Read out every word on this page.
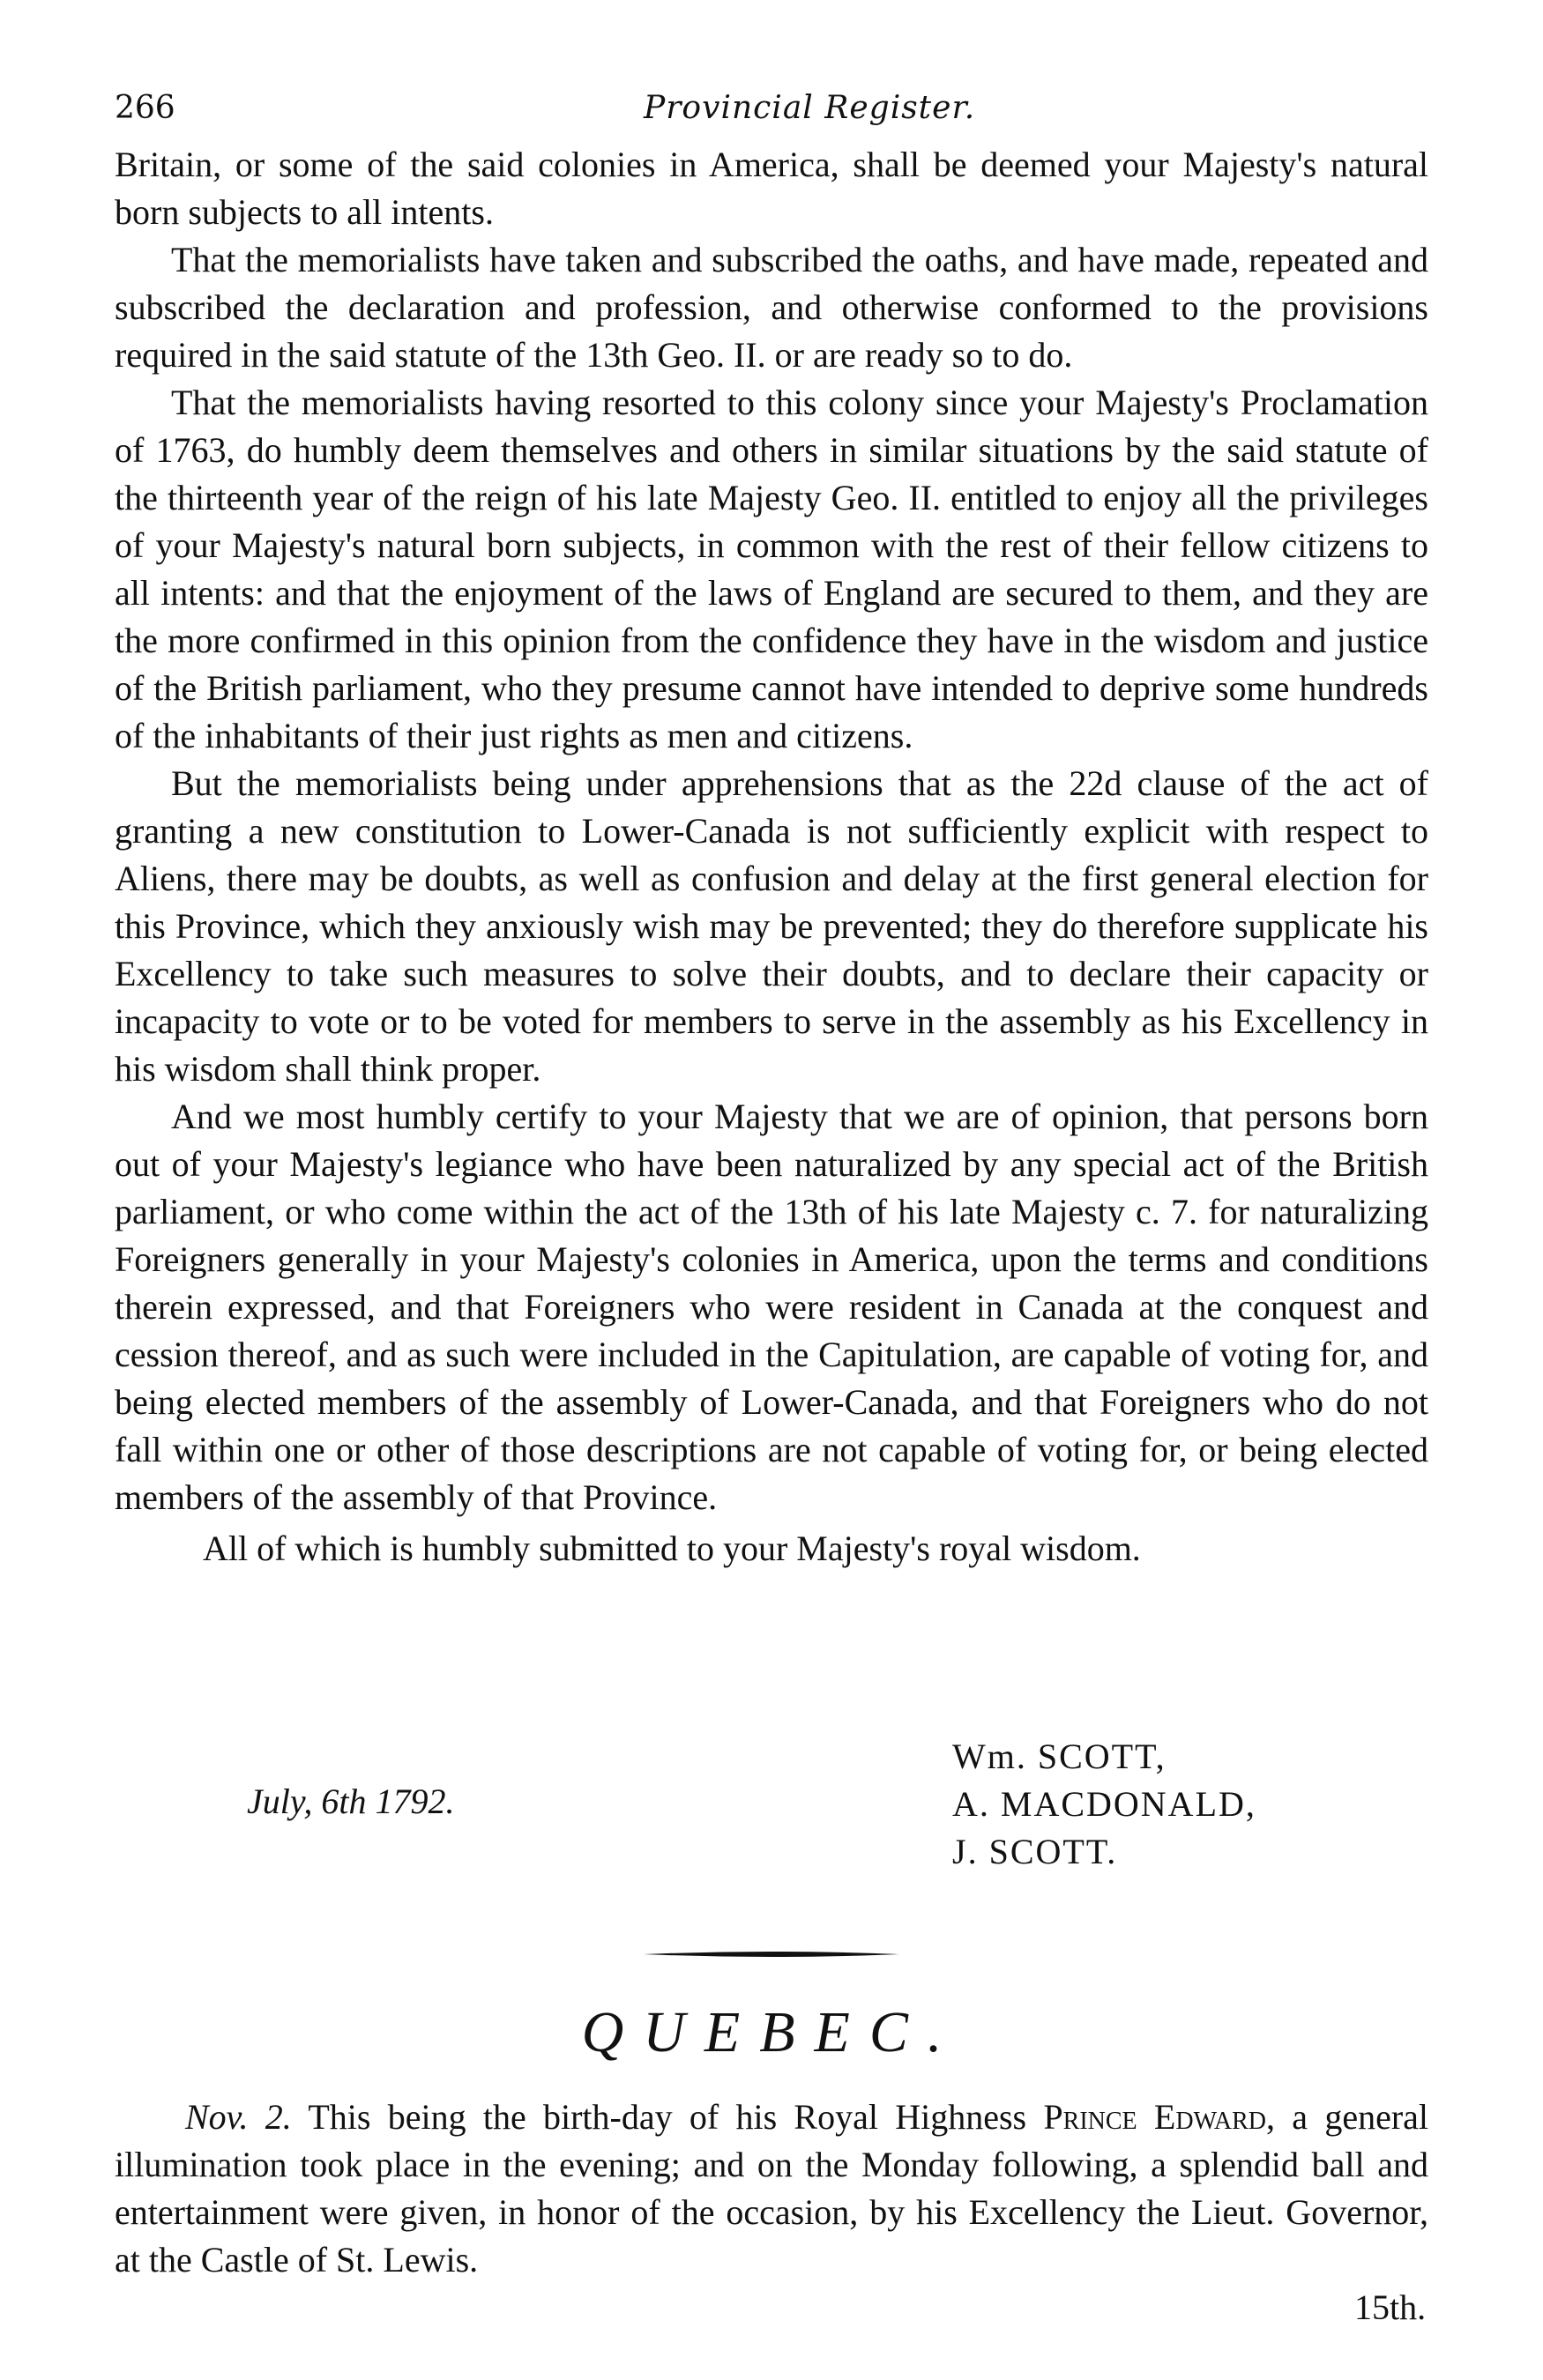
266	Provincial Register.

Britain, or some of the said colonies in America, shall be deemed your Majesty's natural born subjects to all intents.

That the memorialists have taken and subscribed the oaths, and have made, repeated and subscribed the declaration and profession, and otherwise conformed to the provisions required in the said statute of the 13th Geo. II. or are ready so to do.

That the memorialists having resorted to this colony since your Majesty's Proclamation of 1763, do humbly deem themselves and others in similar situations by the said statute of the thirteenth year of the reign of his late Majesty Geo. II. entitled to enjoy all the privileges of your Majesty's natural born subjects, in common with the rest of their fellow citizens to all intents: and that the enjoyment of the laws of England are secured to them, and they are the more confirmed in this opinion from the confidence they have in the wisdom and justice of the British parliament, who they presume cannot have intended to deprive some hundreds of the inhabitants of their just rights as men and citizens.

But the memorialists being under apprehensions that as the 22d clause of the act of granting a new constitution to Lower-Canada is not sufficiently explicit with respect to Aliens, there may be doubts, as well as confusion and delay at the first general election for this Province, which they anxiously wish may be prevented; they do therefore supplicate his Excellency to take such measures to solve their doubts, and to declare their capacity or incapacity to vote or to be voted for members to serve in the assembly as his Excellency in his wisdom shall think proper.

And we most humbly certify to your Majesty that we are of opinion, that persons born out of your Majesty's legiance who have been naturalized by any special act of the British parliament, or who come within the act of the 13th of his late Majesty c. 7. for naturalizing Foreigners generally in your Majesty's colonies in America, upon the terms and conditions therein expressed, and that Foreigners who were resident in Canada at the conquest and cession thereof, and as such were included in the Capitulation, are capable of voting for, and being elected members of the assembly of Lower-Canada, and that Foreigners who do not fall within one or other of those descriptions are not capable of voting for, or being elected members of the assembly of that Province.

All of which is humbly submitted to your Majesty's royal wisdom.

July, 6th 1792.
Wm. SCOTT,
A. MACDONALD,
J. SCOTT.
QUEBEC.

Nov. 2. This being the birth-day of his Royal Highness Prince Edward, a general illumination took place in the evening; and on the Monday following, a splendid ball and entertainment were given, in honor of the occasion, by his Excellency the Lieut. Governor, at the Castle of St. Lewis.

15th.
